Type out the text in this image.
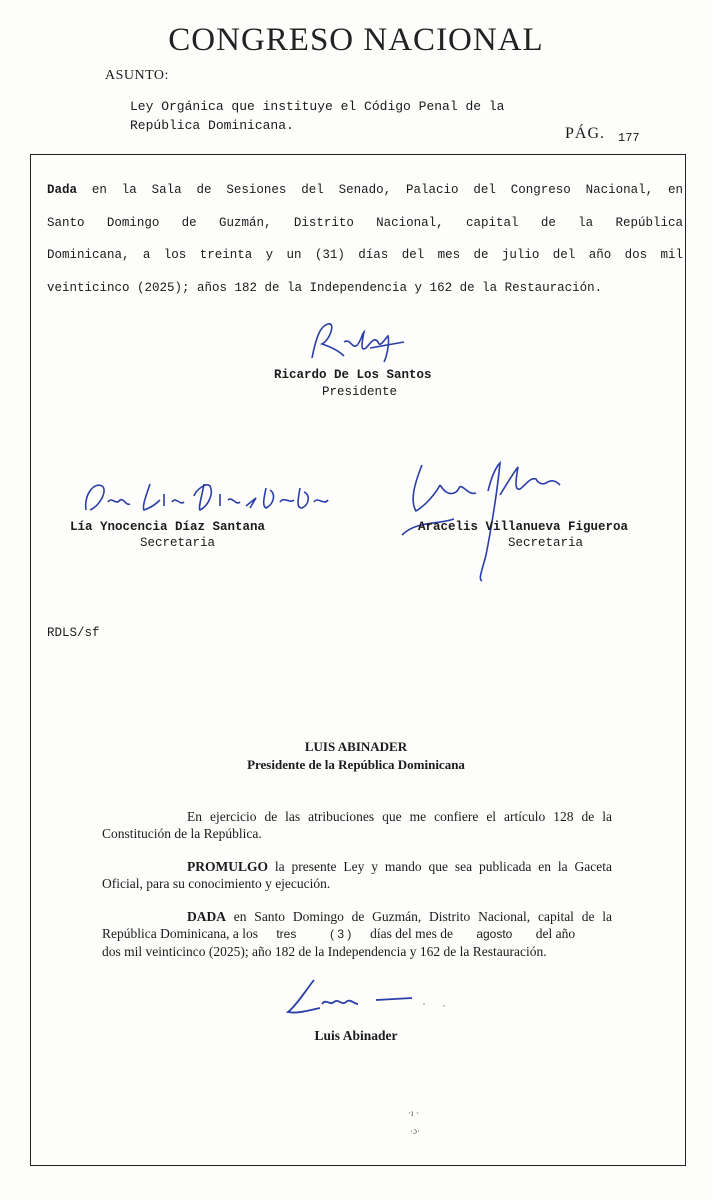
CONGRESO NACIONAL
ASUNTO:
Ley Orgánica que instituye el Código Penal de la
República Dominicana.	PÁG. 177
Dada en la Sala de Sesiones del Senado, Palacio del Congreso Nacional, en
Santo Domingo de Guzmán, Distrito Nacional, capital de la República
Dominicana, a los treinta y un (31) días del mes de julio del año dos mil
veinticinco (2025); años 182 de la Independencia y 162 de la Restauración.
Ricardo De Los Santos
Presidente
Lía Ynocencia Díaz Santana
Secretaria
Aracelis Villanueva Figueroa
Secretaria
RDLS/sf
LUIS ABINADER
Presidente de la República Dominicana
En ejercicio de las atribuciones que me confiere el artículo 128 de la
Constitución de la República.
PROMULGO la presente Ley y mando que sea publicada en la Gaceta
Oficial, para su conocimiento y ejecución.
DADA en Santo Domingo de Guzmán, Distrito Nacional, capital de la
República Dominicana, a los tres	( 3 ) días del mes de agosto del año
dos mil veinticinco (2025); año 182 de la Independencia y 162 de la Restauración.
Luis Abinader
·ı ·
·ɔ·
